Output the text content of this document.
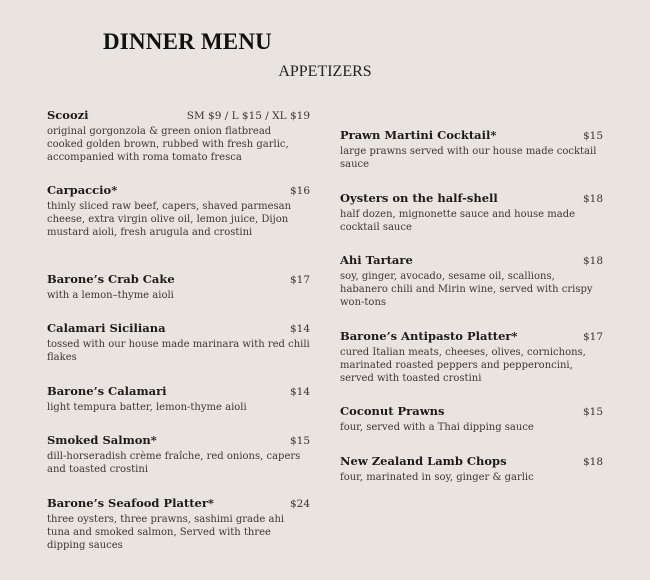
DINNER MENU
APPETIZERS
Scoozi	SM $9 / L $15 / XL $19
original gorgonzola & green onion flatbread cooked golden brown, rubbed with fresh garlic, accompanied with roma tomato fresca
Carpaccio*	$16
thinly sliced raw beef, capers, shaved parmesan cheese, extra virgin olive oil, lemon juice, Dijon mustard aioli, fresh arugula and crostini
Barone’s Crab Cake	$17
with a lemon–thyme aioli
Calamari Siciliana	$14
tossed with our house made marinara with red chili flakes
Barone’s Calamari	$14
light tempura batter, lemon-thyme aioli
Smoked Salmon*	$15
dill-horseradish crème fraîche, red onions, capers and toasted crostini
Barone’s Seafood Platter*	$24
three oysters, three prawns, sashimi grade ahi tuna and smoked salmon, Served with three dipping sauces
Prawn Martini Cocktail*	$15
large prawns served with our house made cocktail sauce
Oysters on the half-shell	$18
half dozen, mignonette sauce and house made cocktail sauce
Ahi Tartare	$18
soy, ginger, avocado, sesame oil, scallions, habanero chili and Mirin wine, served with crispy won-tons
Barone’s Antipasto Platter*	$17
cured Italian meats, cheeses, olives, cornichons, marinated roasted peppers and pepperoncini, served with toasted crostini
Coconut Prawns	$15
four, served with a Thai dipping sauce
New Zealand Lamb Chops	$18
four, marinated in soy, ginger & garlic
